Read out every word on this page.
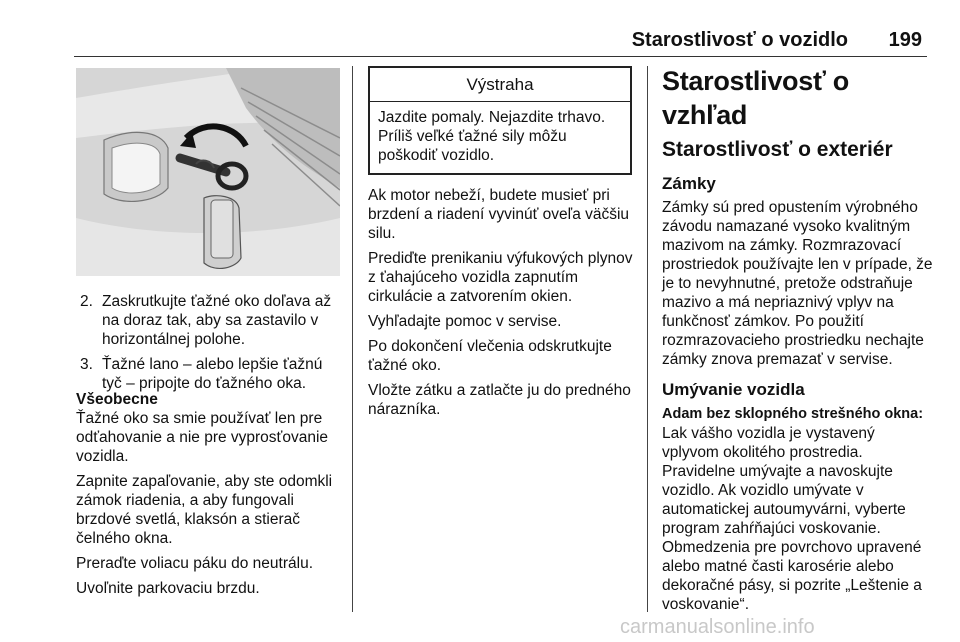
Starostlivosť o vozidlo 199
2. Zaskrutkujte ťažné oko doľava až na doraz tak, aby sa zastavilo v horizontálnej polohe.
3. Ťažné lano – alebo lepšie ťažnú tyč – pripojte do ťažného oka.
Všeobecne

Ťažné oko sa smie používať len pre odťahovanie a nie pre vyprosťovanie vozidla.

Zapnite zapaľovanie, aby ste odomkli zámok riadenia, a aby fungovali brzdové svetlá, klaksón a stierač čelného okna.

Preraďte voliacu páku do neutrálu.

Uvoľnite parkovaciu brzdu.

Výstraha
Jazdite pomaly. Nejazdite trhavo. Príliš veľké ťažné sily môžu poškodiť vozidlo.

Ak motor nebeží, budete musieť pri brzdení a riadení vyvinúť oveľa väčšiu silu.

Prediďte prenikaniu výfukových plynov z ťahajúceho vozidla zapnutím cirkulácie a zatvorením okien.

Vyhľadajte pomoc v servise.

Po dokončení vlečenia odskrutkujte ťažné oko.

Vložte zátku a zatlačte ju do predného nárazníka.

Starostlivosť o vzhľad
Starostlivosť o exteriér
Zámky

Zámky sú pred opustením výrobného závodu namazané vysoko kvalitným mazivom na zámky. Rozmrazovací prostriedok používajte len v prípade, že je to nevyhnutné, pretože odstraňuje mazivo a má nepriaznivý vplyv na funkčnosť zámkov. Po použití rozmrazovacieho prostriedku nechajte zámky znova premazať v servise.

Umývanie vozidla
Adam bez sklopného strešného okna:

Lak vášho vozidla je vystavený vplyvom okolitého prostredia. Pravidelne umývajte a navoskujte vozidlo. Ak vozidlo umývate v automatickej autoumyvárni, vyberte program zahŕňajúci voskovanie. Obmedzenia pre povrchovo upravené alebo matné časti karosérie alebo dekoračné pásy, si pozrite „Leštenie a voskovanie“.

carmanualsonline.info
